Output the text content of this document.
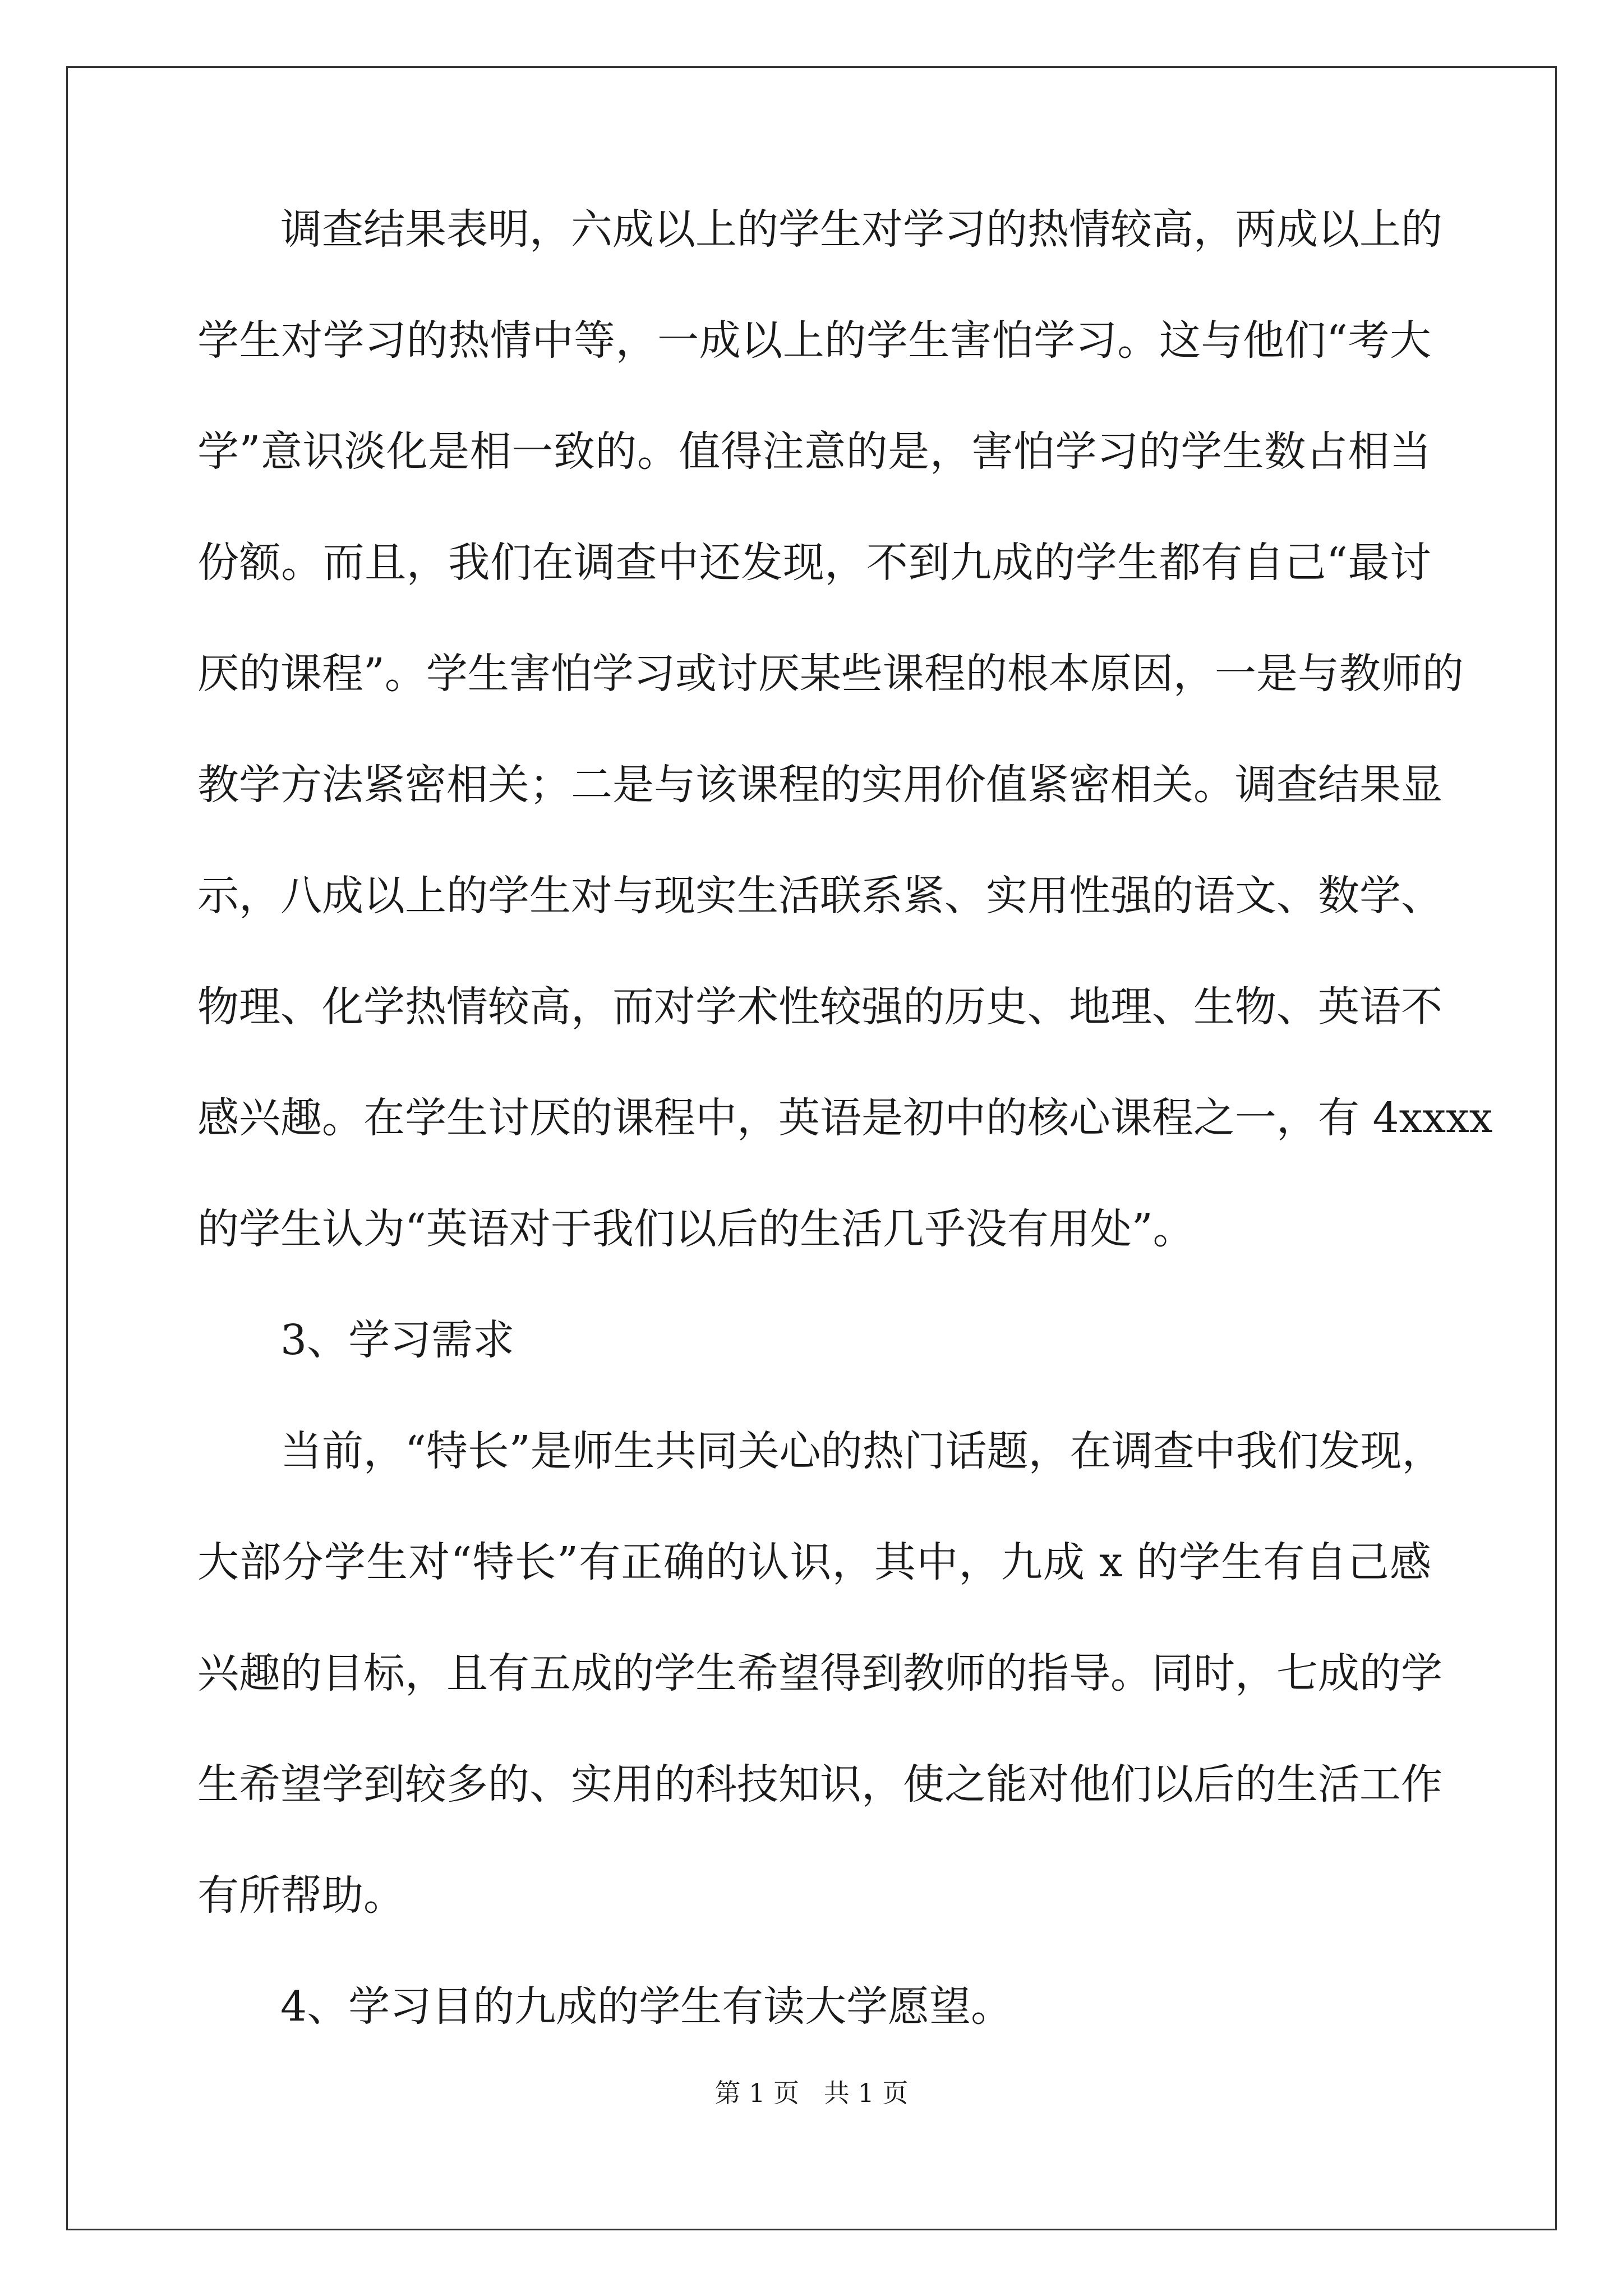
调查结果表明，六成以上的学生对学习的热情较高，两成以上的
学生对学习的热情中等，一成以上的学生害怕学习。这与他们“考大
学”意识淡化是相一致的。值得注意的是，害怕学习的学生数占相当
份额。而且，我们在调查中还发现，不到九成的学生都有自己“最讨
厌的课程”。学生害怕学习或讨厌某些课程的根本原因，一是与教师的
教学方法紧密相关；二是与该课程的实用价值紧密相关。调查结果显
示，八成以上的学生对与现实生活联系紧、实用性强的语文、数学、
物理、化学热情较高，而对学术性较强的历史、地理、生物、英语不
感兴趣。在学生讨厌的课程中，英语是初中的核心课程之一，有 4xxxx
的学生认为“英语对于我们以后的生活几乎没有用处”。
3、学习需求
当前，“特长”是师生共同关心的热门话题，在调查中我们发现，
大部分学生对“特长”有正确的认识，其中，九成 x 的学生有自己感
兴趣的目标，且有五成的学生希望得到教师的指导。同时，七成的学
生希望学到较多的、实用的科技知识，使之能对他们以后的生活工作
有所帮助。
4、学习目的九成的学生有读大学愿望。
第 1 页   共 1 页
